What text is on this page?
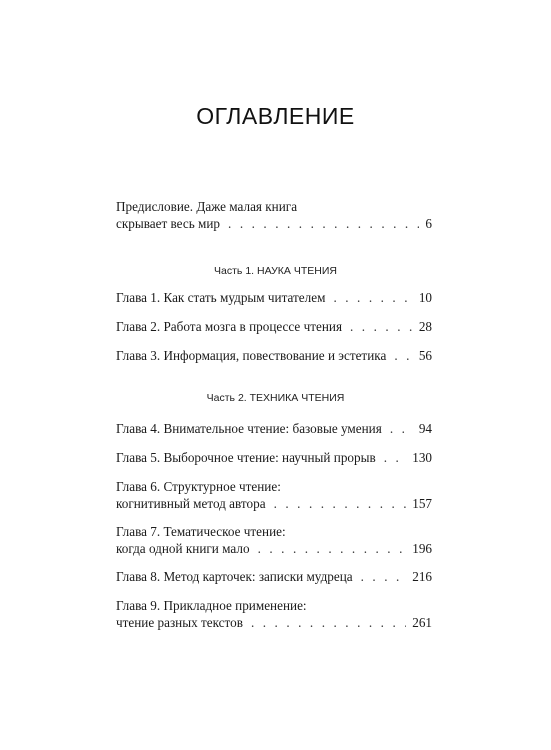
ОГЛАВЛЕНИЕ
Предисловие. Даже малая книга
скрывает весь мир . . .	6
Часть 1. НАУКА ЧТЕНИЯ
Глава 1. Как стать мудрым читателем . . .	10
Глава 2. Работа мозга в процессе чтения . . .	28
Глава 3. Информация, повествование и эстетика . . . 56
Часть 2. ТЕХНИКА ЧТЕНИЯ
Глава 4. Внимательное чтение: базовые умения . . .	94
Глава 5. Выборочное чтение: научный прорыв . . .	130
Глава 6. Структурное чтение:
когнитивный метод автора . . .	157
Глава 7. Тематическое чтение:
когда одной книги мало . . .	196
Глава 8. Метод карточек: записки мудреца . . .	216
Глава 9. Прикладное применение:
чтение разных текстов . . .	261
